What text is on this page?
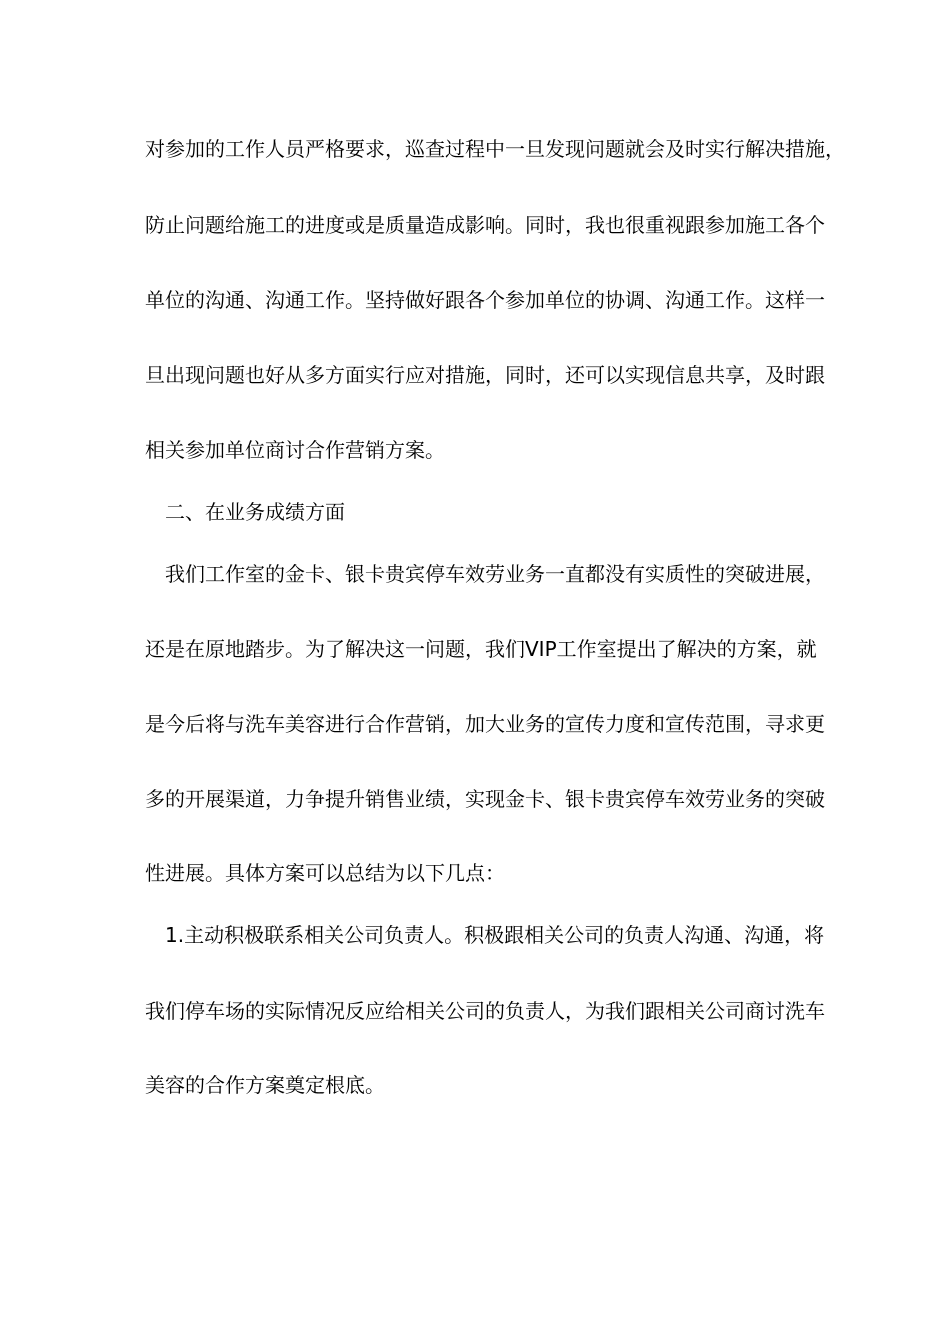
对参加的工作人员严格要求，巡查过程中一旦发现问题就会及时实行解决措施，
防止问题给施工的进度或是质量造成影响。同时，我也很重视跟参加施工各个
单位的沟通、沟通工作。坚持做好跟各个参加单位的协调、沟通工作。这样一
旦出现问题也好从多方面实行应对措施，同时，还可以实现信息共享，及时跟
相关参加单位商讨合作营销方案。
二、在业务成绩方面
我们工作室的金卡、银卡贵宾停车效劳业务一直都没有实质性的突破进展，
还是在原地踏步。为了解决这一问题，我们VIP工作室提出了解决的方案，就
是今后将与洗车美容进行合作营销，加大业务的宣传力度和宣传范围，寻求更
多的开展渠道，力争提升销售业绩，实现金卡、银卡贵宾停车效劳业务的突破
性进展。具体方案可以总结为以下几点：
1.主动积极联系相关公司负责人。积极跟相关公司的负责人沟通、沟通，将
我们停车场的实际情况反应给相关公司的负责人，为我们跟相关公司商讨洗车
美容的合作方案奠定根底。
